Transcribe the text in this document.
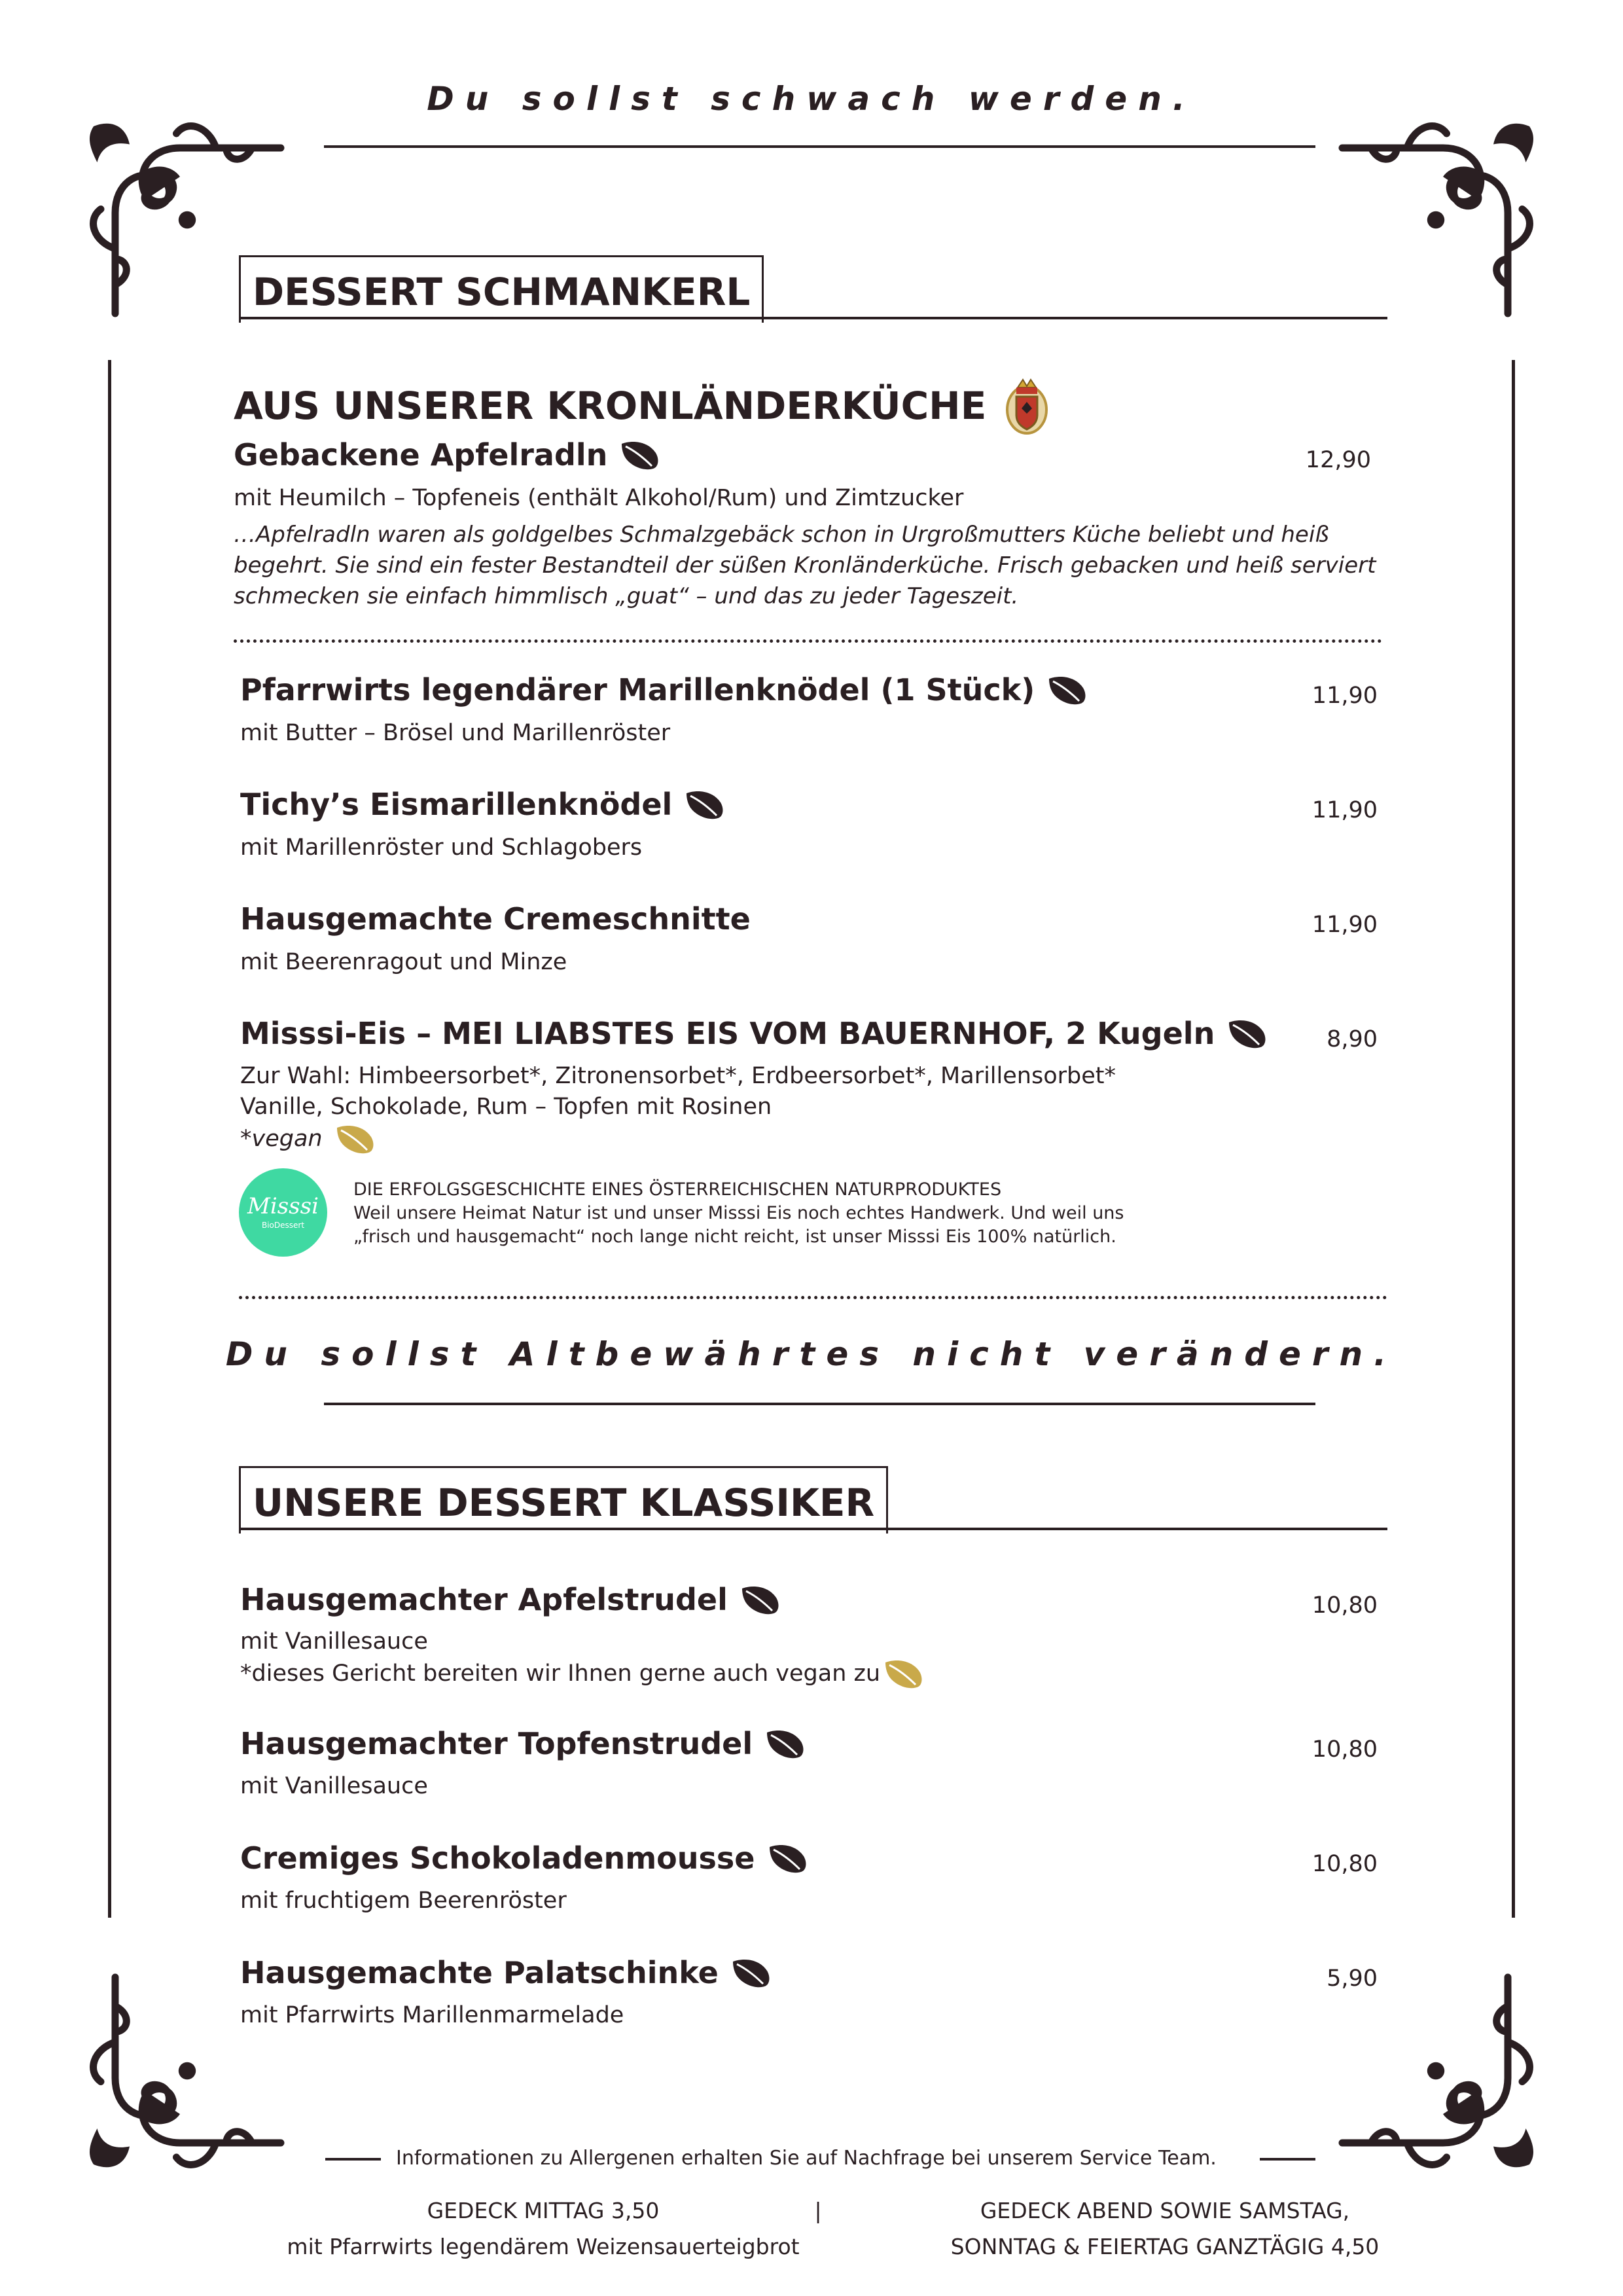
Du sollst schwach werden.
DESSERT SCHMANKERL
AUS UNSERER KRONLÄNDERKÜCHE
Gebackene Apfelradln	12,90
mit Heumilch – Topfeneis (enthält Alkohol/Rum) und Zimtzucker
…Apfelradln waren als goldgelbes Schmalzgebäck schon in Urgroßmutters Küche beliebt und heiß begehrt. Sie sind ein fester Bestandteil der süßen Kronländerküche. Frisch gebacken und heiß serviert schmecken sie einfach himmlisch „guat“ – und das zu jeder Tageszeit.
Pfarrwirts legendärer Marillenknödel (1 Stück)	11,90
mit Butter – Brösel und Marillenröster
Tichy’s Eismarillenknödel	11,90
mit Marillenröster und Schlagobers
Hausgemachte Cremeschnitte	11,90
mit Beerenragout und Minze
Misssi-Eis – MEI LIABSTES EIS VOM BAUERNHOF, 2 Kugeln	8,90
Zur Wahl: Himbeersorbet*, Zitronensorbet*, Erdbeersorbet*, Marillensorbet*
Vanille, Schokolade, Rum – Topfen mit Rosinen
*vegan
Misssi
BioDessert
DIE ERFOLGSGESCHICHTE EINES ÖSTERREICHISCHEN NATURPRODUKTES
Weil unsere Heimat Natur ist und unser Misssi Eis noch echtes Handwerk. Und weil uns
„frisch und hausgemacht“ noch lange nicht reicht, ist unser Misssi Eis 100% natürlich.
Du sollst Altbewährtes nicht verändern.
UNSERE DESSERT KLASSIKER
Hausgemachter Apfelstrudel	10,80
mit Vanillesauce
*dieses Gericht bereiten wir Ihnen gerne auch vegan zu
Hausgemachter Topfenstrudel	10,80
mit Vanillesauce
Cremiges Schokoladenmousse	10,80
mit fruchtigem Beerenröster
Hausgemachte Palatschinke	5,90
mit Pfarrwirts Marillenmarmelade
Informationen zu Allergenen erhalten Sie auf Nachfrage bei unserem Service Team.
GEDECK MITTAG 3,50
mit Pfarrwirts legendärem Weizensauerteigbrot
|	GEDECK ABEND SOWIE SAMSTAG,
SONNTAG & FEIERTAG GANZTÄGIG 4,50
